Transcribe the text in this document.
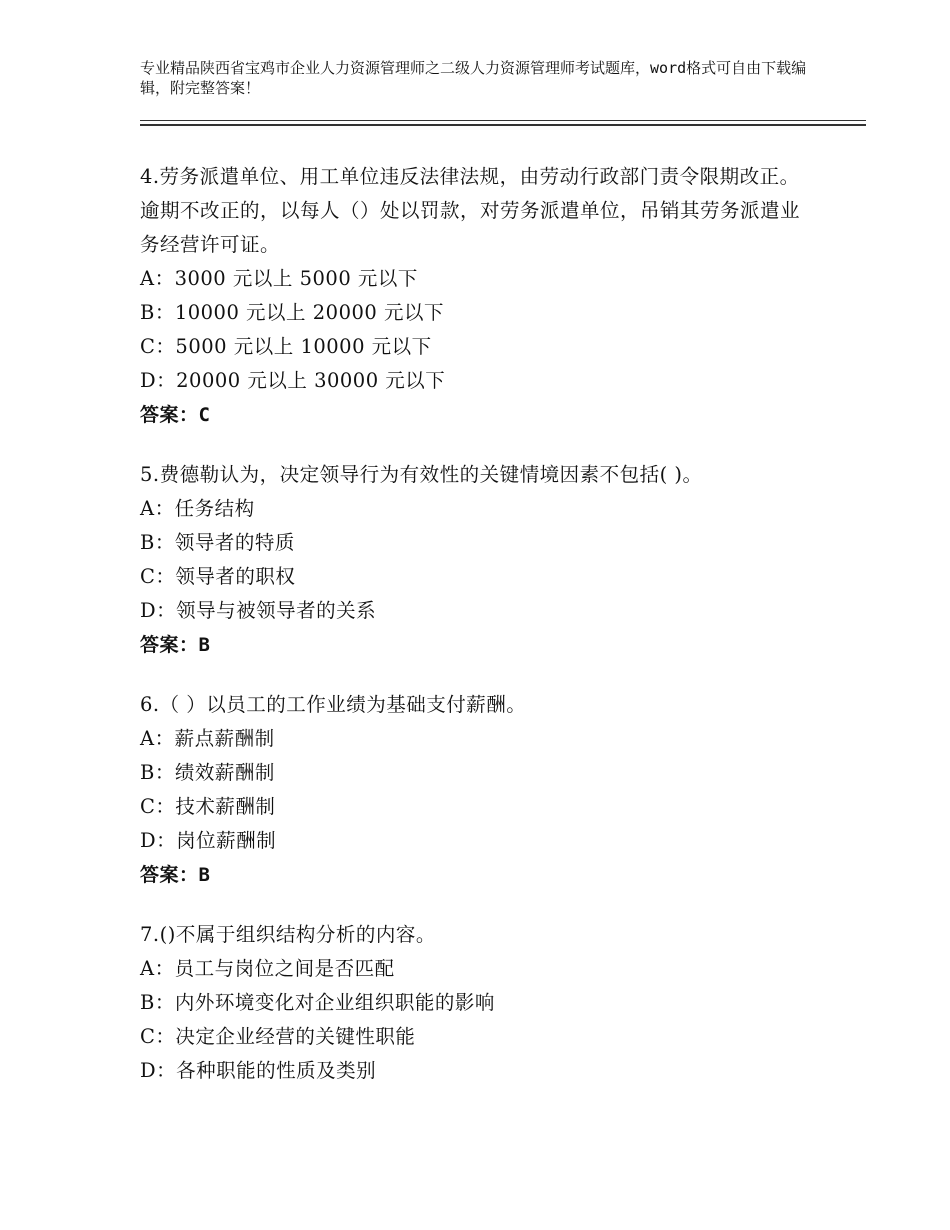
专业精品陕西省宝鸡市企业人力资源管理师之二级人力资源管理师考试题库，word格式可自由下载编辑，附完整答案！
4.劳务派遣单位、用工单位违反法律法规，由劳动行政部门责令限期改正。逾期不改正的，以每人（）处以罚款，对劳务派遣单位，吊销其劳务派遣业务经营许可证。
A：3000 元以上 5000 元以下
B：10000 元以上 20000 元以下
C：5000 元以上 10000 元以下
D：20000 元以上 30000 元以下
答案：C
5.费德勒认为，决定领导行为有效性的关键情境因素不包括( )。
A：任务结构
B：领导者的特质
C：领导者的职权
D：领导与被领导者的关系
答案：B
6.（ ）以员工的工作业绩为基础支付薪酬。
A：薪点薪酬制
B：绩效薪酬制
C：技术薪酬制
D：岗位薪酬制
答案：B
7.()不属于组织结构分析的内容。
A：员工与岗位之间是否匹配
B：内外环境变化对企业组织职能的影响
C：决定企业经营的关键性职能
D：各种职能的性质及类别
